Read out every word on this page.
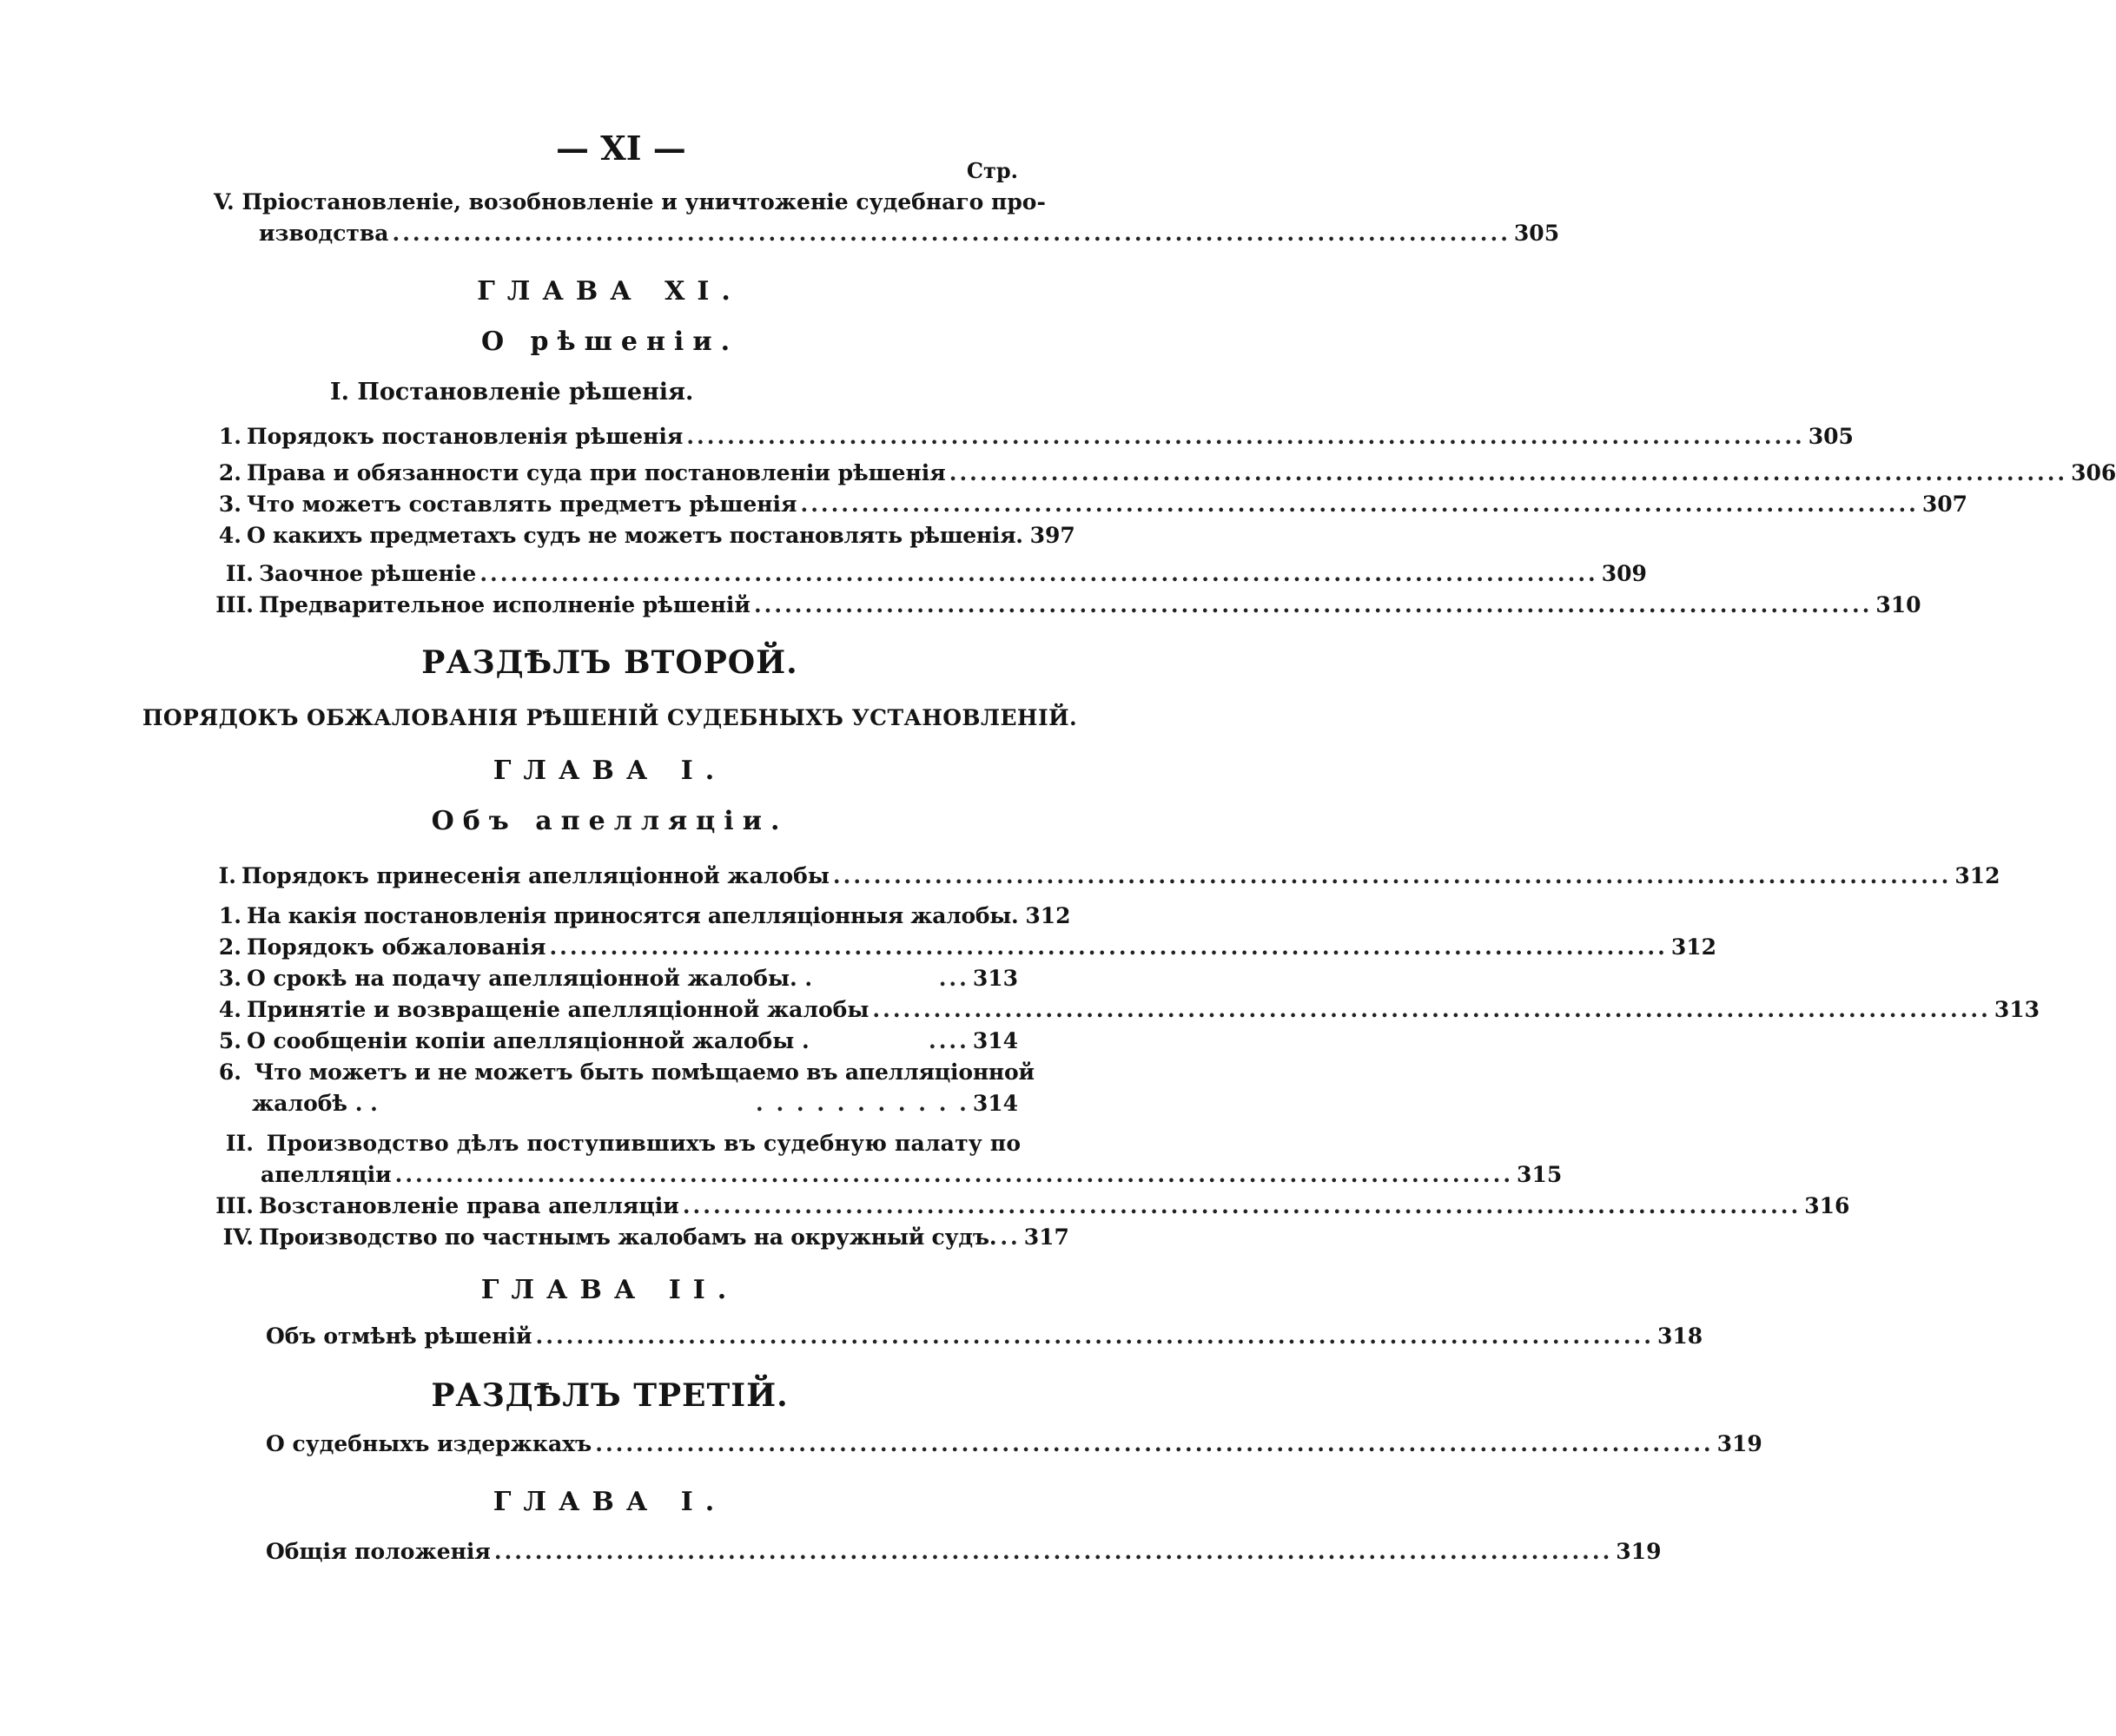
— XI —
Стр.
V. Пріостановленіе, возобновленіе и уничтоженіе судебнаго про-
изводства .............................................................................................................. 305
ГЛАВА XI.
О рѣшеніи.
I. Постановленіе рѣшенія.
1. Порядокъ постановленія рѣшенія .............................................................................................................. 305
2. Права и обязанности суда при постановленіи рѣшенія .............................................................................................................. 306
3. Что можетъ составлять предметъ рѣшенія .............................................................................................................. 307
4. О какихъ предметахъ судъ не можетъ постановлять рѣшенія. 397
II. Заочное рѣшеніе .............................................................................................................. 309
III. Предварительное исполненіе рѣшеній .............................................................................................................. 310
РАЗДѢЛЪ ВТОРОЙ.
ПОРЯДОКЪ ОБЖАЛОВАНІЯ РѢШЕНІЙ СУДЕБНЫХЪ УСТАНОВЛЕНІЙ.
ГЛАВА I.
Объ апелляціи.
I. Порядокъ принесенія апелляціонной жалобы .............................................................................................................. 312
1. На какія постановленія приносятся апелляціонныя жалобы. 312
2. Порядокъ обжалованія .............................................................................................................. 312
3. О срокѣ на подачу апелляціонной жалобы. .	... 313
4. Принятіе и возвращеніе апелляціонной жалобы .............................................................................................................. 313
5. О сообщеніи копіи апелляціонной жалобы .	.... 314
6. Что можетъ и не можетъ быть помѣщаемо въ апелляціонной
жалобѣ . .	. . . . . . . . . . . 314
II. Производство дѣлъ поступившихъ въ судебную палату по
апелляціи .............................................................................................................. 315
III. Возстановленіе права апелляціи .............................................................................................................. 316
IV. Производство по частнымъ жалобамъ на окружный судъ. .. 317
ГЛАВА II.
Объ отмѣнѣ рѣшеній .............................................................................................................. 318
РАЗДѢЛЪ ТРЕТІЙ.
О судебныхъ издержкахъ .............................................................................................................. 319
ГЛАВА I.
Общія положенія .............................................................................................................. 319
